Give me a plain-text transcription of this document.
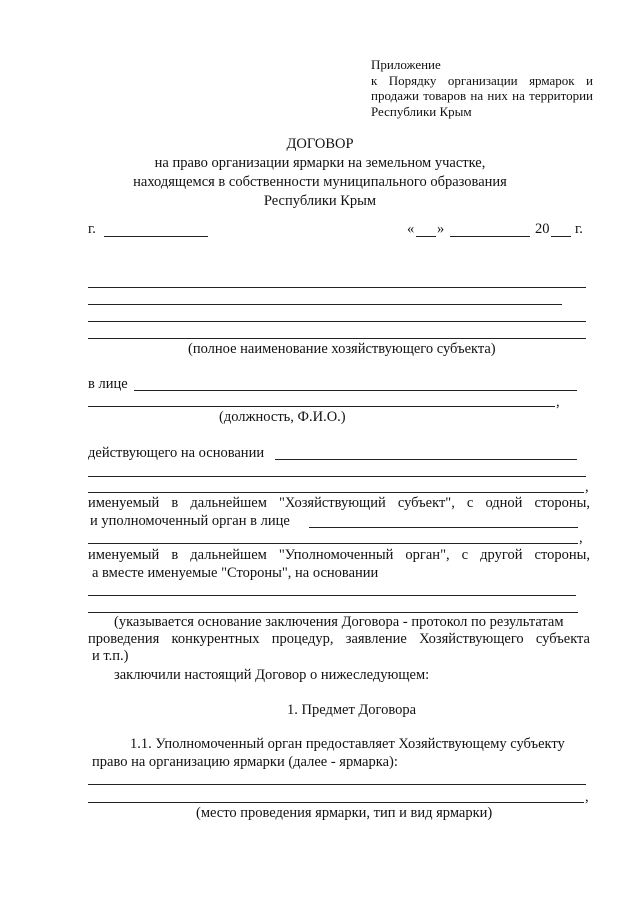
Приложение
к Порядку организации ярмарок и
продажи товаров на них на территории
Республики Крым
ДОГОВОР
на право организации ярмарки на земельном участке,
находящемся в собственности муниципального образования
Республики Крым
г.	« »	20 г.
(полное наименование хозяйствующего субъекта)
в лице
,
(должность, Ф.И.О.)
действующего на основании
,
именуемый в дальнейшем "Хозяйствующий субъект", с одной стороны,
и уполномоченный орган в лице
,
именуемый в дальнейшем "Уполномоченный орган", с другой стороны,
а вместе именуемые "Стороны", на основании
(указывается основание заключения Договора - протокол по результатам
проведения конкурентных процедур, заявление Хозяйствующего субъекта
и т.п.)
заключили настоящий Договор о нижеследующем:
1. Предмет Договора
1.1. Уполномоченный орган предоставляет Хозяйствующему субъекту
право на организацию ярмарки (далее - ярмарка):
,
(место проведения ярмарки, тип и вид ярмарки)
